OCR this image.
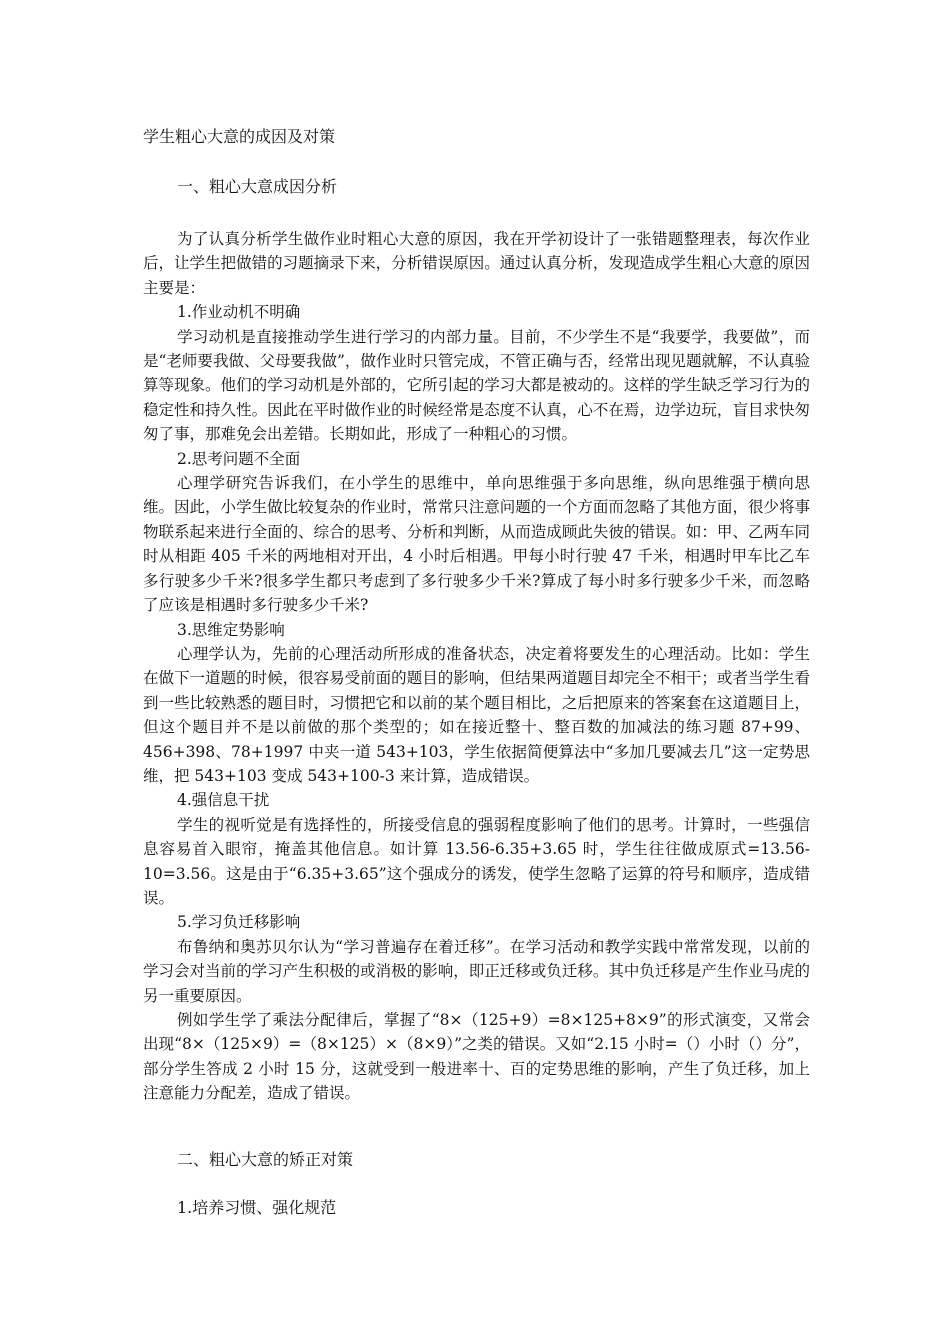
学生粗心大意的成因及对策
一、粗心大意成因分析

为了认真分析学生做作业时粗心大意的原因，我在开学初设计了一张错题整理表，每次作业后，让学生把做错的习题摘录下来，分析错误原因。通过认真分析，发现造成学生粗心大意的原因主要是：

1.作业动机不明确

学习动机是直接推动学生进行学习的内部力量。目前，不少学生不是“我要学，我要做”，而是“老师要我做、父母要我做”，做作业时只管完成，不管正确与否，经常出现见题就解，不认真验算等现象。他们的学习动机是外部的，它所引起的学习大都是被动的。这样的学生缺乏学习行为的稳定性和持久性。因此在平时做作业的时候经常是态度不认真，心不在焉，边学边玩，盲目求快匆匆了事，那难免会出差错。长期如此，形成了一种粗心的习惯。

2.思考问题不全面

心理学研究告诉我们，在小学生的思维中，单向思维强于多向思维，纵向思维强于横向思维。因此，小学生做比较复杂的作业时，常常只注意问题的一个方面而忽略了其他方面，很少将事物联系起来进行全面的、综合的思考、分析和判断，从而造成顾此失彼的错误。如：甲、乙两车同时从相距 405 千米的两地相对开出，4 小时后相遇。甲每小时行驶 47 千米，相遇时甲车比乙车多行驶多少千米?很多学生都只考虑到了多行驶多少千米?算成了每小时多行驶多少千米，而忽略了应该是相遇时多行驶多少千米?

3.思维定势影响

心理学认为，先前的心理活动所形成的准备状态，决定着将要发生的心理活动。比如：学生在做下一道题的时候，很容易受前面的题目的影响，但结果两道题目却完全不相干；或者当学生看到一些比较熟悉的题目时，习惯把它和以前的某个题目相比，之后把原来的答案套在这道题目上，但这个题目并不是以前做的那个类型的；如在接近整十、整百数的加减法的练习题 87+99、456+398、78+1997 中夹一道 543+103，学生依据简便算法中“多加几要减去几”这一定势思维，把 543+103 变成 543+100-3 来计算，造成错误。

4.强信息干扰

学生的视听觉是有选择性的，所接受信息的强弱程度影响了他们的思考。计算时，一些强信息容易首入眼帘，掩盖其他信息。如计算 13.56-6.35+3.65 时，学生往往做成原式=13.56-10=3.56。这是由于“6.35+3.65”这个强成分的诱发，使学生忽略了运算的符号和顺序，造成错误。

5.学习负迁移影响

布鲁纳和奥苏贝尔认为“学习普遍存在着迁移”。在学习活动和教学实践中常常发现，以前的学习会对当前的学习产生积极的或消极的影响，即正迁移或负迁移。其中负迁移是产生作业马虎的另一重要原因。

例如学生学了乘法分配律后，掌握了“8×（125+9）=8×125+8×9”的形式演变，又常会出现“8×（125×9）=（8×125）×（8×9）”之类的错误。又如“2.15 小时=（）小时（）分”，部分学生答成 2 小时 15 分，这就受到一般进率十、百的定势思维的影响，产生了负迁移，加上注意能力分配差，造成了错误。

二、粗心大意的矫正对策
1.培养习惯、强化规范
